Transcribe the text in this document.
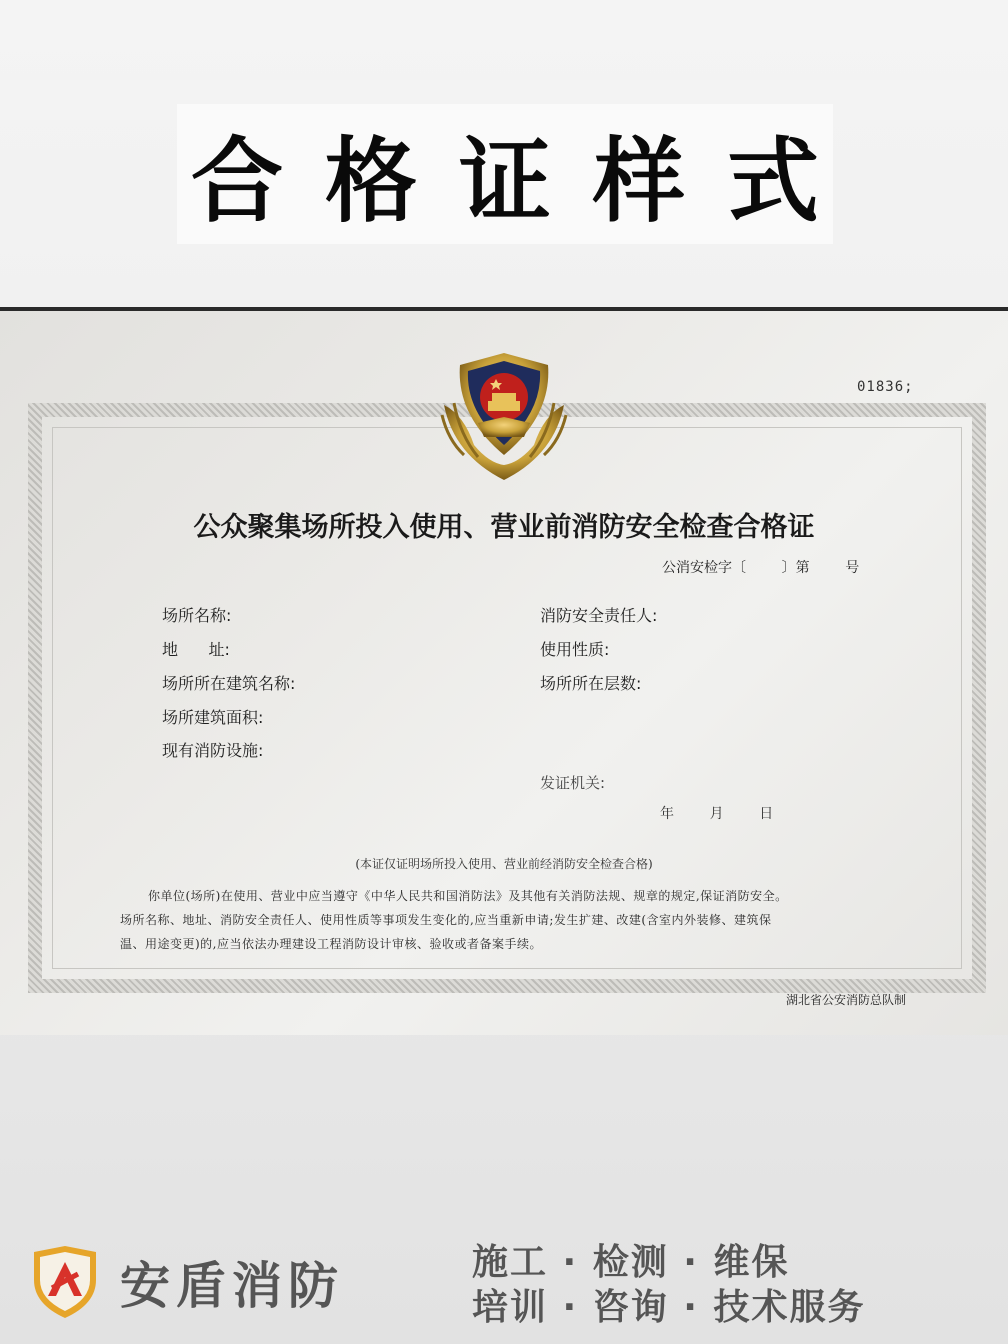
合格证样式
01836;
公众聚集场所投入使用、营业前消防安全检查合格证
公消安检字〔        〕第        号
场所名称:
地      址:
场所所在建筑名称:
场所建筑面积:
现有消防设施:
消防安全责任人:
使用性质:
场所所在层数:
发证机关:
年        月        日
(本证仅证明场所投入使用、营业前经消防安全检查合格)
你单位(场所)在使用、营业中应当遵守《中华人民共和国消防法》及其他有关消防法规、规章的规定,保证消防安全。
场所名称、地址、消防安全责任人、使用性质等事项发生变化的,应当重新申请;发生扩建、改建(含室内外装修、建筑保
温、用途变更)的,应当依法办理建设工程消防设计审核、验收或者备案手续。
湖北省公安消防总队制
安盾消防	施工 · 检测 · 维保
培训 · 咨询 · 技术服务
